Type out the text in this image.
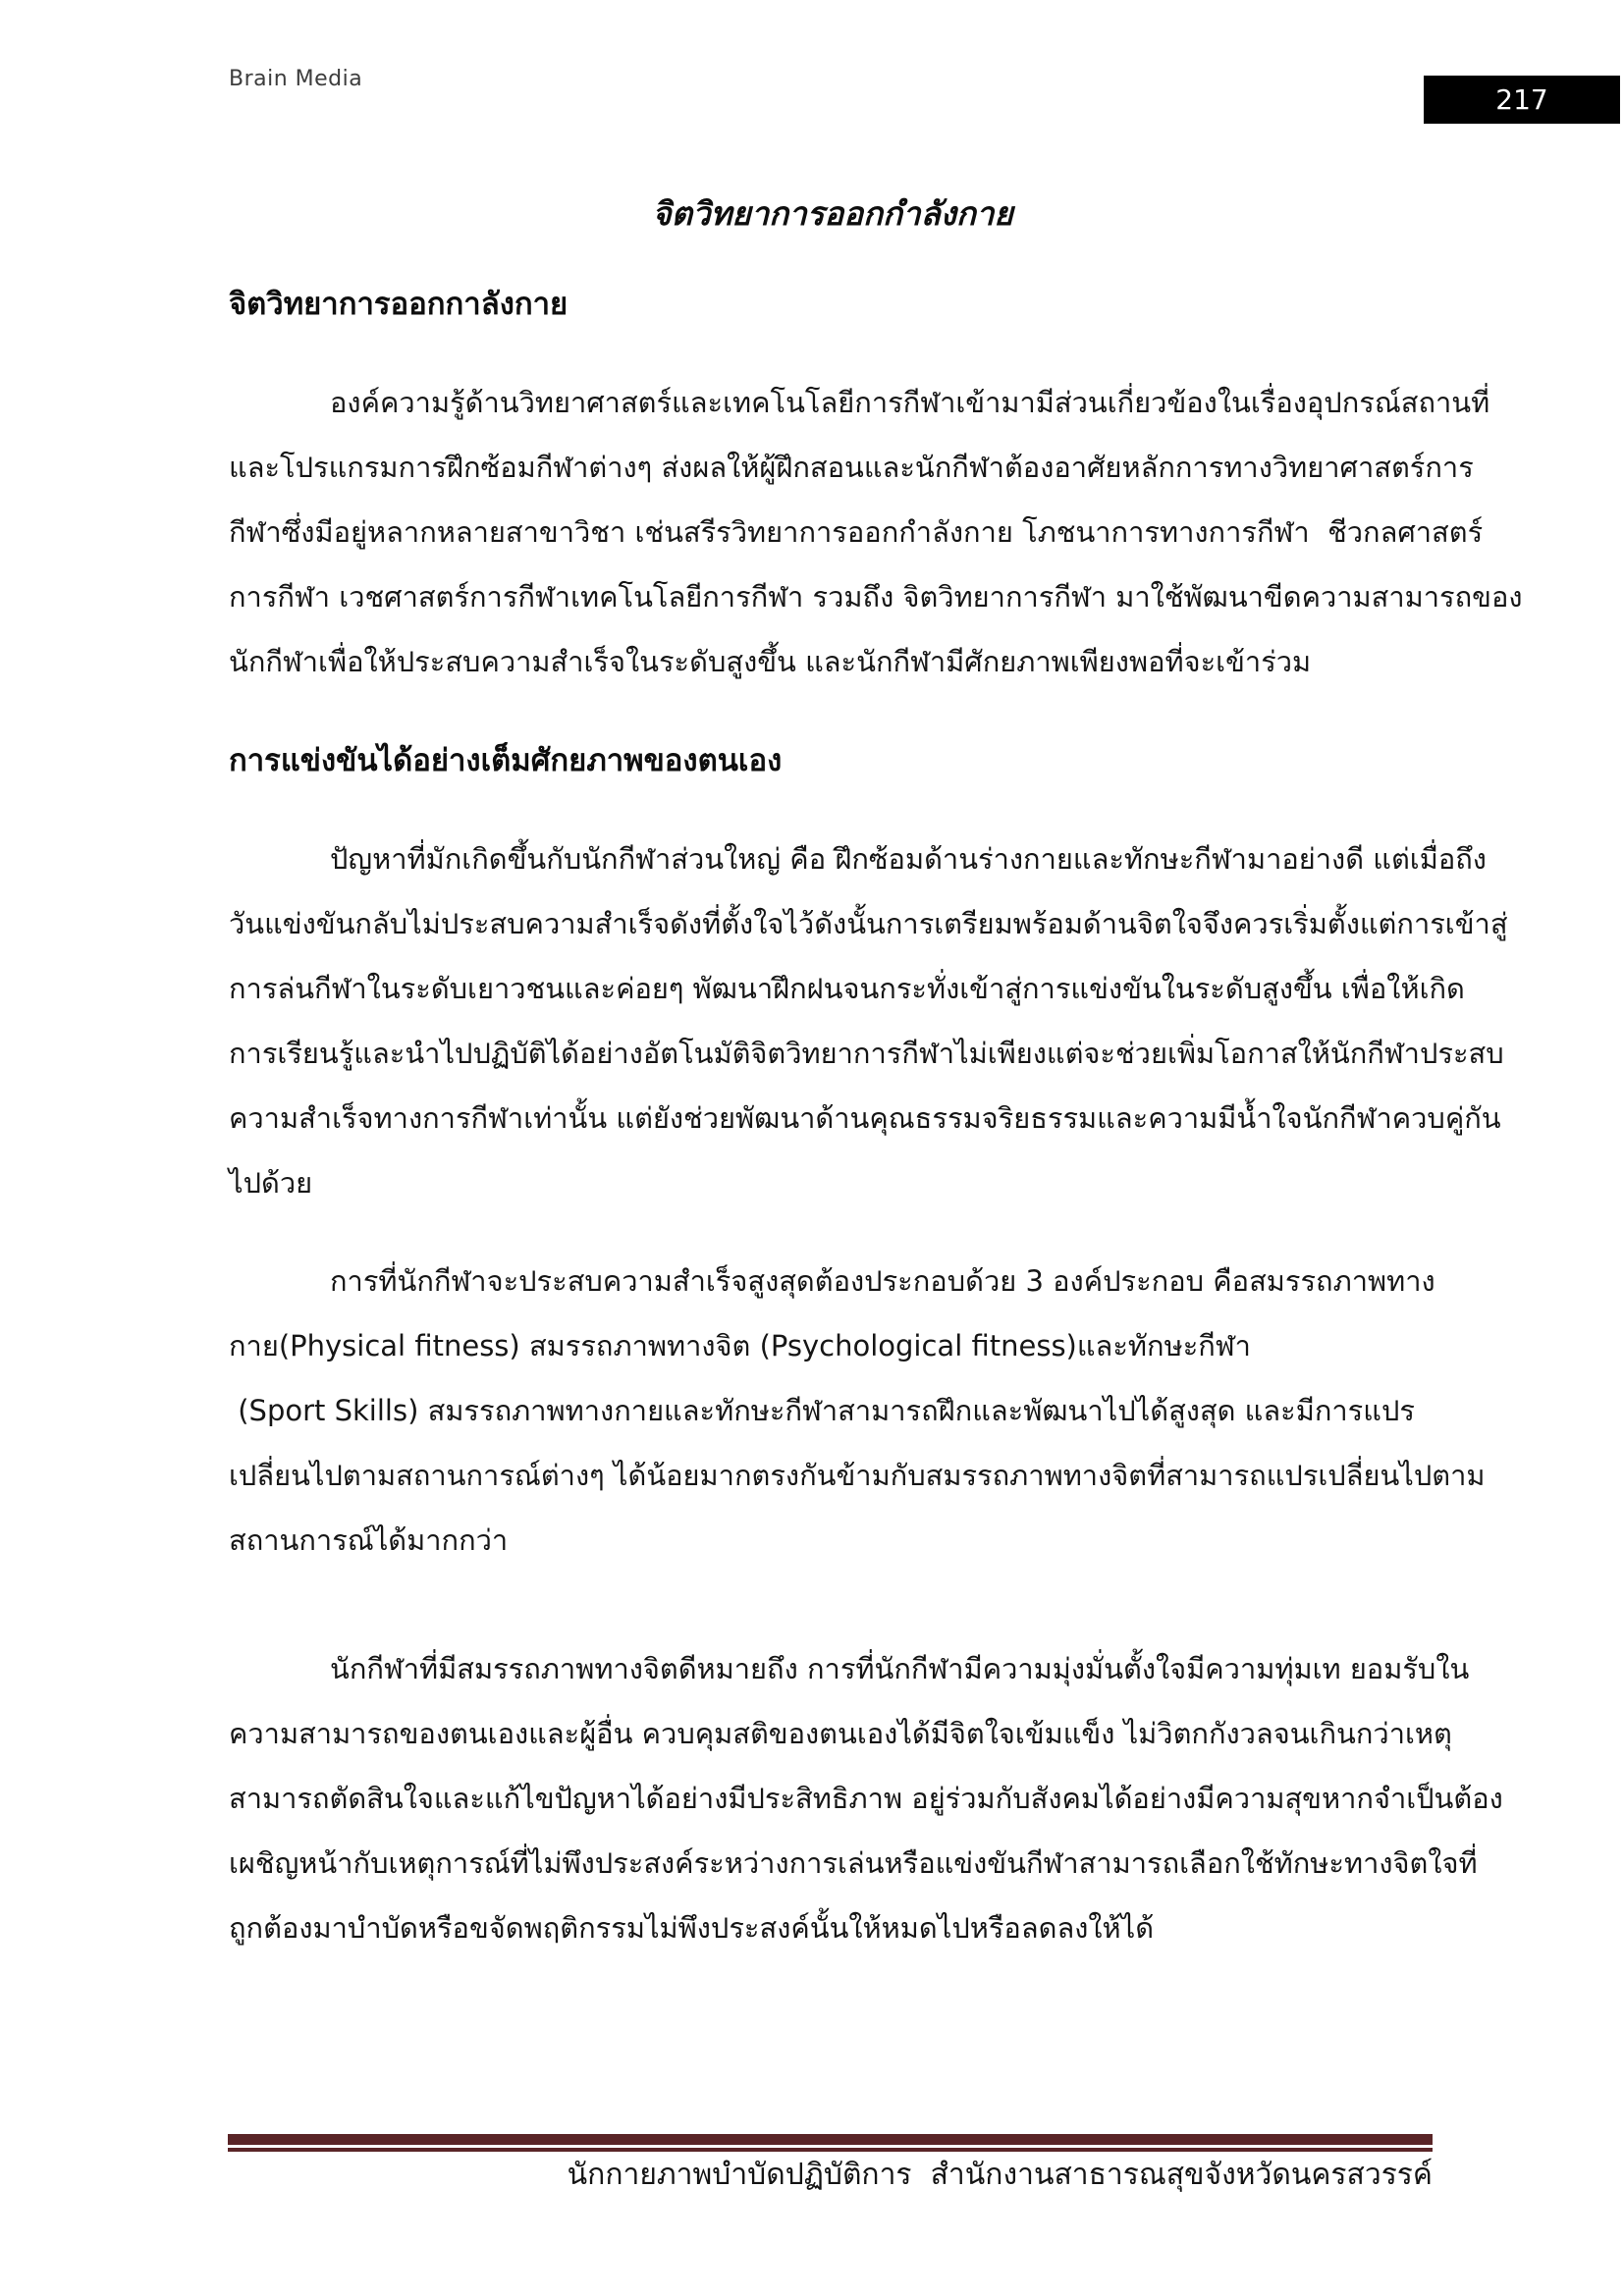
Brain Media
217
จิตวิทยาการออกกำลังกาย
จิตวิทยาการออกกาลังกาย
องค์ความรู้ด้านวิทยาศาสตร์และเทคโนโลยีการกีฬาเข้ามามีส่วนเกี่ยวข้องในเรื่องอุปกรณ์สถานที่
และโปรแกรมการฝึกซ้อมกีฬาต่างๆ ส่งผลให้ผู้ฝึกสอนและนักกีฬาต้องอาศัยหลักการทางวิทยาศาสตร์การ
กีฬาซึ่งมีอยู่หลากหลายสาขาวิชา เช่นสรีรวิทยาการออกกำลังกาย โภชนาการทางการกีฬา  ชีวกลศาสตร์
การกีฬา เวชศาสตร์การกีฬาเทคโนโลยีการกีฬา รวมถึง จิตวิทยาการกีฬา มาใช้พัฒนาขีดความสามารถของ
นักกีฬาเพื่อให้ประสบความสำเร็จในระดับสูงขึ้น และนักกีฬามีศักยภาพเพียงพอที่จะเข้าร่วม
การแข่งขันได้อย่างเต็มศักยภาพของตนเอง
ปัญหาที่มักเกิดขึ้นกับนักกีฬาส่วนใหญ่ คือ ฝึกซ้อมด้านร่างกายและทักษะกีฬามาอย่างดี แต่เมื่อถึง
วันแข่งขันกลับไม่ประสบความสำเร็จดังที่ตั้งใจไว้ดังนั้นการเตรียมพร้อมด้านจิตใจจึงควรเริ่มตั้งแต่การเข้าสู่
การล่นกีฬาในระดับเยาวชนและค่อยๆ พัฒนาฝึกฝนจนกระทั่งเข้าสู่การแข่งขันในระดับสูงขึ้น เพื่อให้เกิด
การเรียนรู้และนำไปปฏิบัติได้อย่างอัตโนมัติจิตวิทยาการกีฬาไม่เพียงแต่จะช่วยเพิ่มโอกาสให้นักกีฬาประสบ
ความสำเร็จทางการกีฬาเท่านั้น แต่ยังช่วยพัฒนาด้านคุณธรรมจริยธรรมและความมีน้ำใจนักกีฬาควบคู่กัน
ไปด้วย
การที่นักกีฬาจะประสบความสำเร็จสูงสุดต้องประกอบด้วย 3 องค์ประกอบ คือสมรรถภาพทาง
กาย(Physical fitness) สมรรถภาพทางจิต (Psychological fitness)และทักษะกีฬา
(Sport Skills) สมรรถภาพทางกายและทักษะกีฬาสามารถฝึกและพัฒนาไปได้สูงสุด และมีการแปร
เปลี่ยนไปตามสถานการณ์ต่างๆ ได้น้อยมากตรงกันข้ามกับสมรรถภาพทางจิตที่สามารถแปรเปลี่ยนไปตาม
สถานการณ์ได้มากกว่า
นักกีฬาที่มีสมรรถภาพทางจิตดีหมายถึง การที่นักกีฬามีความมุ่งมั่นตั้งใจมีความทุ่มเท ยอมรับใน
ความสามารถของตนเองและผู้อื่น ควบคุมสติของตนเองได้มีจิตใจเข้มแข็ง ไม่วิตกกังวลจนเกินกว่าเหตุ
สามารถตัดสินใจและแก้ไขปัญหาได้อย่างมีประสิทธิภาพ อยู่ร่วมกับสังคมได้อย่างมีความสุขหากจำเป็นต้อง
เผชิญหน้ากับเหตุการณ์ที่ไม่พึงประสงค์ระหว่างการเล่นหรือแข่งขันกีฬาสามารถเลือกใช้ทักษะทางจิตใจที่
ถูกต้องมาบำบัดหรือขจัดพฤติกรรมไม่พึงประสงค์นั้นให้หมดไปหรือลดลงให้ได้
นักกายภาพบำบัดปฏิบัติการ  สำนักงานสาธารณสุขจังหวัดนครสวรรค์
